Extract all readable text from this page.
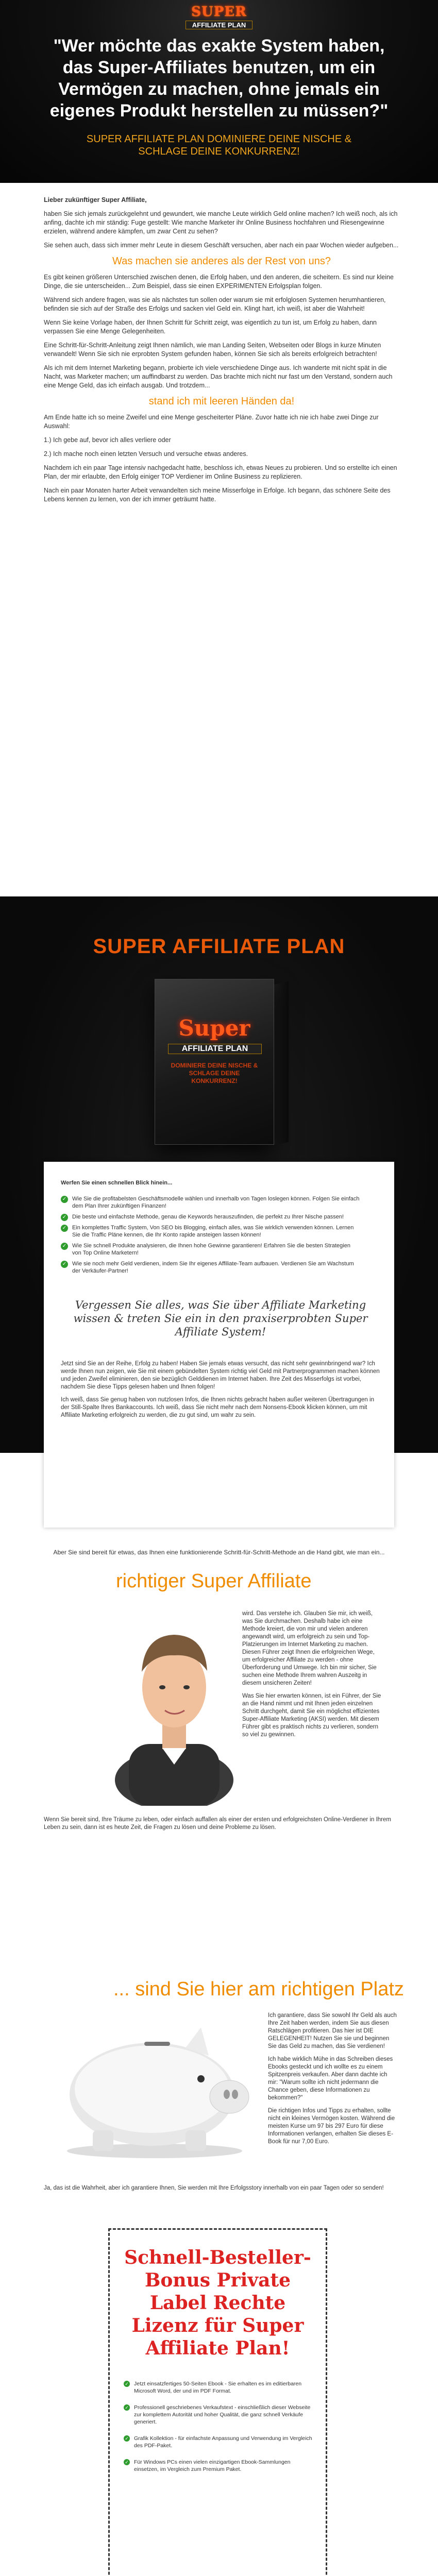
SUPER
AFFILIATE PLAN
"Wer möchte das exakte System haben, das Super-Affiliates benutzen, um ein Vermögen zu machen, ohne jemals ein eigenes Produkt herstellen zu müssen?"
SUPER AFFILIATE PLAN DOMINIERE DEINE NISCHE & SCHLAGE DEINE KONKURRENZ!

Lieber zukünftiger Super Affiliate,

haben Sie sich jemals zurückgelehnt und gewundert, wie manche Leute wirklich Geld online machen? Ich weiß noch, als ich anfing, dachte ich mir ständig: Fuge gestellt: Wie manche Marketer ihr Online Business hochfahren und Riesengewinne erzielen, während andere kämpfen, um zwar Cent zu sehen?

Sie sehen auch, dass sich immer mehr Leute in diesem Geschäft versuchen, aber nach ein paar Wochen wieder aufgeben...

Was machen sie anderes als der Rest von uns?

Es gibt keinen größeren Unterschied zwischen denen, die Erfolg haben, und den anderen, die scheitern. Es sind nur kleine Dinge, die sie unterscheiden... Zum Beispiel, dass sie einen EXPERIMENTEN Erfolgsplan folgen.

Während sich andere fragen, was sie als nächstes tun sollen oder warum sie mit erfolglosen Systemen herumhantieren, befinden sie sich auf der Straße des Erfolgs und sacken viel Geld ein. Klingt hart, ich weiß, ist aber die Wahrheit!

Wenn Sie keine Vorlage haben, der Ihnen Schritt für Schritt zeigt, was eigentlich zu tun ist, um Erfolg zu haben, dann verpassen Sie eine Menge Gelegenheiten.

Eine Schritt-für-Schritt-Anleitung zeigt Ihnen nämlich, wie man Landing Seiten, Webseiten oder Blogs in kurze Minuten verwandelt! Wenn Sie sich nie erprobten System gefunden haben, können Sie sich als bereits erfolgreich betrachten!

Als ich mit dem Internet Marketing begann, probierte ich viele verschiedene Dinge aus. Ich wanderte mit nicht spät in die Nacht, was Marketer machen; um auffindbarst zu werden. Das brachte mich nicht nur fast um den Verstand, sondern auch eine Menge Geld, das ich einfach ausgab. Und trotzdem...

stand ich mit leeren Händen da!

Am Ende hatte ich so meine Zweifel und eine Menge gescheiterter Pläne. Zuvor hatte ich nie ich habe zwei Dinge zur Auswahl:

1.) Ich gebe auf, bevor ich alles verliere oder

2.) Ich mache noch einen letzten Versuch und versuche etwas anderes.

Nachdem ich ein paar Tage intensiv nachgedacht hatte, beschloss ich, etwas Neues zu probieren. Und so erstellte ich einen Plan, der mir erlaubte, den Erfolg einiger TOP Verdiener im Online Business zu replizieren.

Nach ein paar Monaten harter Arbeit verwandelten sich meine Misserfolge in Erfolge. Ich begann, das schönere Seite des Lebens kennen zu lernen, von der ich immer geträumt hatte.

SUPER AFFILIATE PLAN
Super
AFFILIATE PLAN
DOMINIERE DEINE NISCHE & SCHLAGE DEINE KONKURRENZ!
Werfen Sie einen schnellen Blick hinein...
✓ Wie Sie die profitabelsten Geschäftsmodelle wählen und innerhalb von Tagen loslegen können. Folgen Sie einfach dem Plan Ihrer zukünftigen Finanzen!
✓ Die beste und einfachste Methode, genau die Keywords herauszufinden, die perfekt zu Ihrer Nische passen!
✓ Ein komplettes Traffic System, Von SEO bis Blogging, einfach alles, was Sie wirklich verwenden können. Lernen Sie die Traffic Pläne kennen, die Ihr Konto rapide ansteigen lassen können!
✓ Wie Sie schnell Produkte analysieren, die Ihnen hohe Gewinne garantieren! Erfahren Sie die besten Strategien von Top Online Marketern!
✓ Wie sie noch mehr Geld verdienen, indem Sie Ihr eigenes Affiliate-Team aufbauen. Verdienen Sie am Wachstum der Verkäufer-Partner!
Vergessen Sie alles, was Sie über Affiliate Marketing wissen & treten Sie ein in den praxiserprobten Super Affiliate System!

Jetzt sind Sie an der Reihe, Erfolg zu haben! Haben Sie jemals etwas versucht, das nicht sehr gewinnbringend war? Ich werde Ihnen nun zeigen, wie Sie mit einem gebündelten System richtig viel Geld mit Partnerprogrammen machen können und jeden Zweifel eliminieren, den sie bezüglich Gelddienen im Internet haben. Ihre Zeit des Misserfolgs ist vorbei, nachdem Sie diese Tipps gelesen haben und Ihnen folgen!

Ich weiß, dass Sie genug haben von nutzlosen Infos, die Ihnen nichts gebracht haben außer weiteren Übertragungen in der Still-Spalte Ihres Bankaccounts. Ich weiß, dass Sie nicht mehr nach dem Nonsens-Ebook klicken können, um mit Affiliate Marketing erfolgreich zu werden, die zu gut sind, um wahr zu sein.

Aber Sie sind bereit für etwas, das Ihnen eine funktionierende Schritt-für-Schritt-Methode an die Hand gibt, wie man ein...
richtiger Super Affiliate

wird. Das verstehe ich. Glauben Sie mir, ich weiß, was Sie durchmachen. Deshalb habe ich eine Methode kreiert, die von mir und vielen anderen angewandt wird, um erfolgreich zu sein und Top-Platzierungen im Internet Marketing zu machen. Diesen Führer zeigt Ihnen die erfolgreichen Wege, um erfolgreicher Affiliate zu werden - ohne Überforderung und Umwege. Ich bin mir sicher, Sie suchen eine Methode Ihrem wahren Auszeitg in diesem unsicheren Zeiten!

Was Sie hier erwarten können, ist ein Führer, der Sie an die Hand nimmt und mit Ihnen jeden einzelnen Schritt durchgeht, damit Sie ein möglichst effizientes Super-Affiliate Marketing (AKSI) werden. Mit diesem Führer gibt es praktisch nichts zu verlieren, sondern so viel zu gewinnen.

Wenn Sie bereit sind, Ihre Träume zu leben, oder einfach auffallen als einer der ersten und erfolgreichsten Online-Verdiener in Ihrem Leben zu sein, dann ist es heute Zeit, die Fragen zu lösen und deine Probleme zu lösen.

... sind Sie hier am richtigen Platz

Ich garantiere, dass Sie sowohl Ihr Geld als auch Ihre Zeit haben werden, indem Sie aus diesen Ratschlägen profitieren. Das hier ist DIE GELEGENHEIT! Nutzen Sie sie und beginnen Sie das Geld zu machen, das Sie verdienen!

Ich habe wirklich Mühe in das Schreiben dieses Ebooks gesteckt und ich wollte es zu einem Spitzenpreis verkaufen. Aber dann dachte ich mir: "Warum sollte ich nicht jedermann die Chance geben, diese Informationen zu bekommen?"

Die richtigen Infos und Tipps zu erhalten, sollte nicht ein kleines Vermögen kosten. Während die meisten Kurse um 97 bis 297 Euro für diese Informationen verlangen, erhalten Sie dieses E-Book für nur 7,00 Euro.

Ja, das ist die Wahrheit, aber ich garantiere Ihnen, Sie werden mit Ihre Erfolgsstory innerhalb von ein paar Tagen oder so senden!

Schnell-Besteller-Bonus Private Label Rechte Lizenz für Super Affiliate Plan!
✓ Jetzt einsatzfertiges 50-Seiten Ebook - Sie erhalten es im editierbaren Microsoft Word, der und im PDF Format.
✓ Professionell geschriebenes Verkaufstext - einschließlich dieser Webseite zur komplettem Autorität und hoher Qualität, die ganz schnell Verkäufe generiert.
✓ Grafik Kollektion - für einfachste Anpassung und Verwendung im Vergleich des PDF-Paket.
✓ Für Windows PCs einen vielen einzigartigen Ebook-Sammlungen einsetzen, im Vergleich zum Premium Paket.
